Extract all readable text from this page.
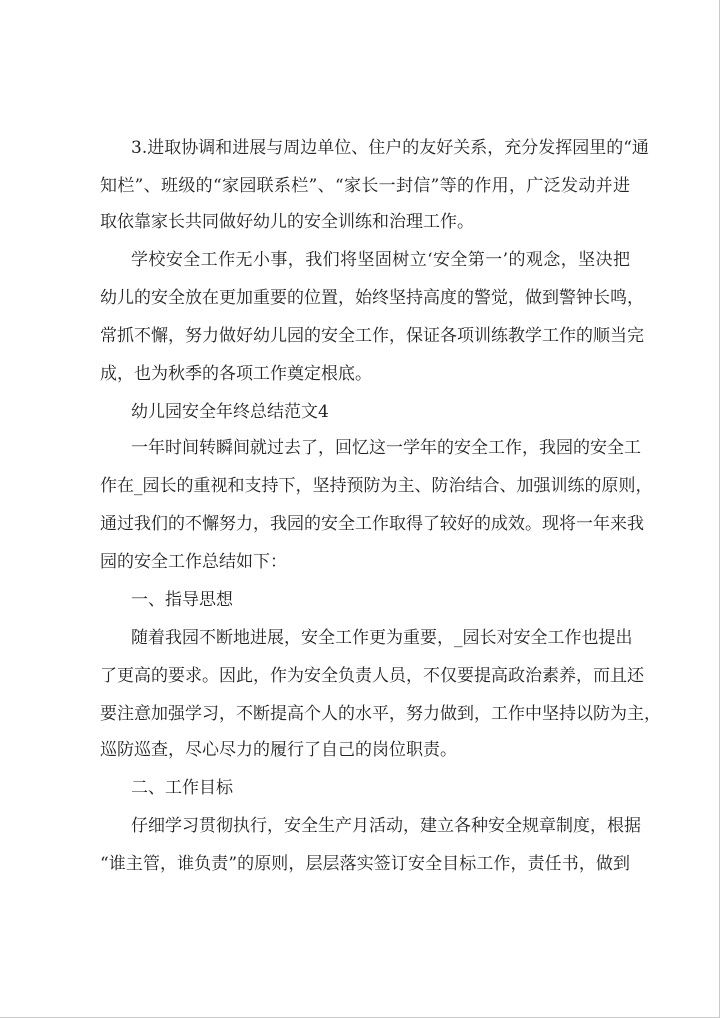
3.进取协调和进展与周边单位、住户的友好关系，充分发挥园里的“通
知栏”、班级的“家园联系栏”、“家长一封信”等的作用，广泛发动并进
取依靠家长共同做好幼儿的安全训练和治理工作。
学校安全工作无小事，我们将坚固树立‘安全第一’的观念，坚决把
幼儿的安全放在更加重要的位置，始终坚持高度的警觉，做到警钟长鸣，
常抓不懈，努力做好幼儿园的安全工作，保证各项训练教学工作的顺当完
成，也为秋季的各项工作奠定根底。
幼儿园安全年终总结范文4
一年时间转瞬间就过去了，回忆这一学年的安全工作，我园的安全工
作在_园长的重视和支持下，坚持预防为主、防治结合、加强训练的原则，
通过我们的不懈努力，我园的安全工作取得了较好的成效。现将一年来我
园的安全工作总结如下：
一、指导思想
随着我园不断地进展，安全工作更为重要，_园长对安全工作也提出
了更高的要求。因此，作为安全负责人员，不仅要提高政治素养，而且还
要注意加强学习，不断提高个人的水平，努力做到，工作中坚持以防为主，
巡防巡查，尽心尽力的履行了自己的岗位职责。
二、工作目标
仔细学习贯彻执行，安全生产月活动，建立各种安全规章制度，根据
“谁主管，谁负责”的原则，层层落实签订安全目标工作，责任书，做到
